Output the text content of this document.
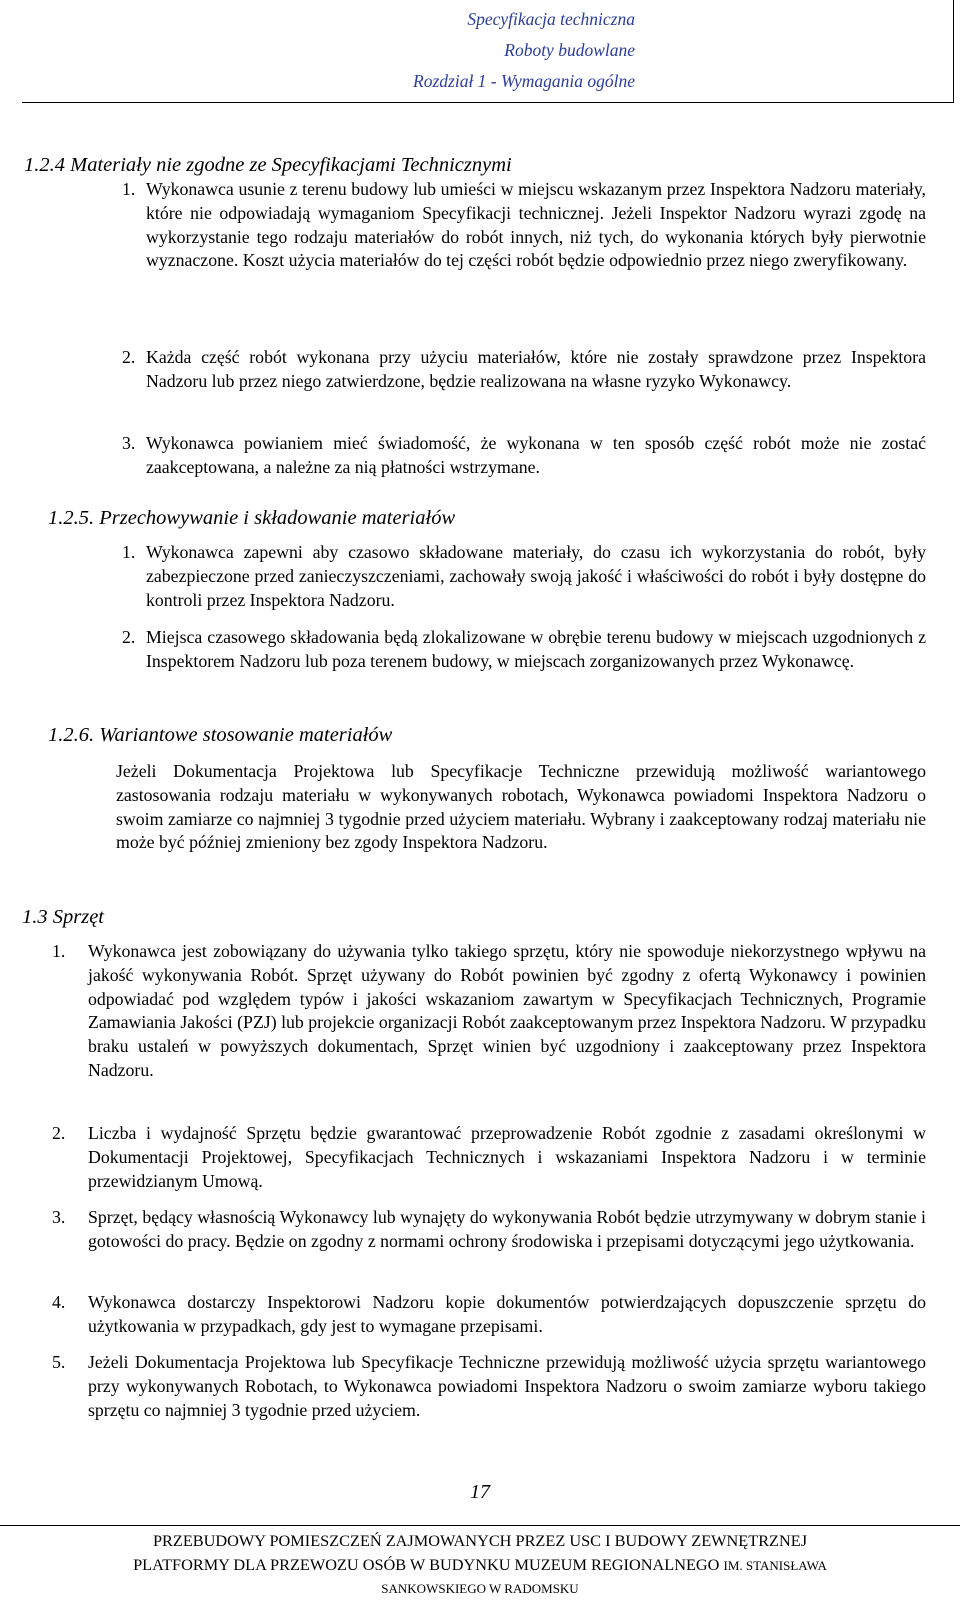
Specyfikacja techniczna
Roboty budowlane
Rozdział 1 - Wymagania ogólne
1.2.4 Materiały nie zgodne ze Specyfikacjami Technicznymi
1. Wykonawca usunie z terenu budowy lub umieści w miejscu wskazanym przez Inspektora Nadzoru materiały, które nie odpowiadają wymaganiom Specyfikacji technicznej. Jeżeli Inspektor Nadzoru wyrazi zgodę na wykorzystanie tego rodzaju materiałów do robót innych, niż tych, do wykonania których były pierwotnie wyznaczone. Koszt użycia materiałów do tej części robót będzie odpowiednio przez niego zweryfikowany.
2. Każda część robót wykonana przy użyciu materiałów, które nie zostały sprawdzone przez Inspektora Nadzoru lub przez niego zatwierdzone, będzie realizowana na własne ryzyko Wykonawcy.
3. Wykonawca powianiem mieć świadomość, że wykonana w ten sposób część robót może nie zostać zaakceptowana, a należne za nią płatności wstrzymane.
1.2.5. Przechowywanie i składowanie materiałów
1. Wykonawca zapewni aby czasowo składowane materiały, do czasu ich wykorzystania do robót, były zabezpieczone przed zanieczyszczeniami, zachowały swoją jakość i właściwości do robót i były dostępne do kontroli przez Inspektora Nadzoru.
2. Miejsca czasowego składowania będą zlokalizowane w obrębie terenu budowy w miejscach uzgodnionych z Inspektorem Nadzoru lub poza terenem budowy, w miejscach zorganizowanych przez Wykonawcę.
1.2.6. Wariantowe stosowanie materiałów
Jeżeli Dokumentacja Projektowa lub Specyfikacje Techniczne przewidują możliwość wariantowego zastosowania rodzaju materiału w wykonywanych robotach, Wykonawca powiadomi Inspektora Nadzoru o swoim zamiarze co najmniej 3 tygodnie przed użyciem materiału. Wybrany i zaakceptowany rodzaj materiału nie może być później zmieniony bez zgody Inspektora Nadzoru.
1.3 Sprzęt
1. Wykonawca jest zobowiązany do używania tylko takiego sprzętu, który nie spowoduje niekorzystnego wpływu na jakość wykonywania Robót. Sprzęt używany do Robót powinien być zgodny z ofertą Wykonawcy i powinien odpowiadać pod względem typów i jakości wskazaniom zawartym w Specyfikacjach Technicznych, Programie Zamawiania Jakości (PZJ) lub projekcie organizacji Robót zaakceptowanym przez Inspektora Nadzoru. W przypadku braku ustaleń w powyższych dokumentach, Sprzęt winien być uzgodniony i zaakceptowany przez Inspektora Nadzoru.
2. Liczba i wydajność Sprzętu będzie gwarantować przeprowadzenie Robót zgodnie z zasadami określonymi w Dokumentacji Projektowej, Specyfikacjach Technicznych i wskazaniami Inspektora Nadzoru i w terminie przewidzianym Umową.
3. Sprzęt, będący własnością Wykonawcy lub wynajęty do wykonywania Robót będzie utrzymywany w dobrym stanie i gotowości do pracy. Będzie on zgodny z normami ochrony środowiska i przepisami dotyczącymi jego użytkowania.
4. Wykonawca dostarczy Inspektorowi Nadzoru kopie dokumentów potwierdzających dopuszczenie sprzętu do użytkowania w przypadkach, gdy jest to wymagane przepisami.
5. Jeżeli Dokumentacja Projektowa lub Specyfikacje Techniczne przewidują możliwość użycia sprzętu wariantowego przy wykonywanych Robotach, to Wykonawca powiadomi Inspektora Nadzoru o swoim zamiarze wyboru takiego sprzętu co najmniej 3 tygodnie przed użyciem.
17
PRZEBUDOWY POMIESZCZEŃ ZAJMOWANYCH PRZEZ USC I BUDOWY ZEWNĘTRZNEJ
PLATFORMY DLA PRZEWOZU OSÓB W BUDYNKU MUZEUM REGIONALNEGO IM. STANISŁAWA
SANKOWSKIEGO W RADOMSKU
